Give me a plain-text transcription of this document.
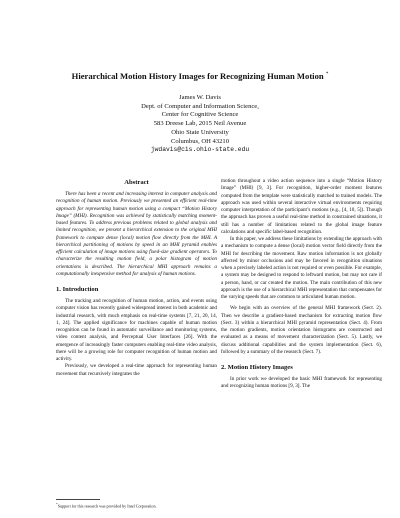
Hierarchical Motion History Images for Recognizing Human Motion *
James W. Davis
Dept. of Computer and Information Science,
Center for Cognitive Science
583 Dreese Lab, 2015 Neil Avenue
Ohio State University
Columbus, OH 43210
jwdavis@cis.ohio-state.edu
Abstract

There has been a recent and increasing interest in computer analysis and recognition of human motion. Previously we presented an efficient real-time approach for representing human motion using a compact “Motion History Image” (MHI). Recognition was achieved by statistically matching moment-based features. To address previous problems related to global analysis and limited recognition, we present a hierarchical extension to the original MHI framework to compute dense (local) motion flow directly from the MHI. A hierarchical partitioning of motions by speed in an MHI pyramid enables efficient calculation of image motions using fixed-size gradient operators. To characterize the resulting motion field, a polar histogram of motion orientations is described. The hierarchical MHI approach remains a computationally inexpensive method for analysis of human motions.

1. Introduction

The tracking and recognition of human motion, action, and events using computer vision has recently gained widespread interest in both academic and industrial research, with much emphasis on real-time systems [7, 21, 20, 14, 1, 24]. The applied significance for machines capable of human motion recognition can be found in automatic surveillance and monitoring systems, video content analysis, and Perceptual User Interfaces [26]. With the emergence of increasingly faster computers enabling real-time video analysis, there will be a growing role for computer recognition of human motion and activity.

Previously, we developed a real-time approach for representing human movement that recursively integrates the

motion throughout a video action sequence into a single “Motion History Image” (MHI) [9, 3]. For recognition, higher-order moment features computed from the template were statistically matched to trained models. The approach was used within several interactive virtual environments requiring computer interpretation of the participant’s motions (e.g., [4, 10, 5]). Though the approach has proven a useful real-time method in constrained situations, it still has a number of limitations related to the global image feature calculations and specific label-based recognition.

In this paper, we address these limitations by extending the approach with a mechanism to compute a dense (local) motion vector field directly from the MHI for describing the movement. Raw motion information is not globally affected by minor occlusions and may be favored in recognition situations when a precisely labeled action is not required or even possible. For example, a system may be designed to respond to leftward motion, but may not care if a person, hand, or car created the motion. The main contribution of this new approach is the use of a hierarchical MHI representation that compensates for the varying speeds that are common to articulated human motion.

We begin with an overview of the general MHI framework (Sect. 2). Then we describe a gradient-based mechanism for extracting motion flow (Sect. 3) within a hierarchical MHI pyramid representation (Sect. 4). From the motion gradients, motion orientation histograms are constructed and evaluated as a means of movement characterization (Sect. 5). Lastly, we discuss additional capabilities and the system implementation (Sect. 6), followed by a summary of the research (Sect. 7).

2. Motion History Images

In prior work we developed the basic MHI framework for representing and recognizing human motions [9, 3]. The

*Support for this research was provided by Intel Corporation.
